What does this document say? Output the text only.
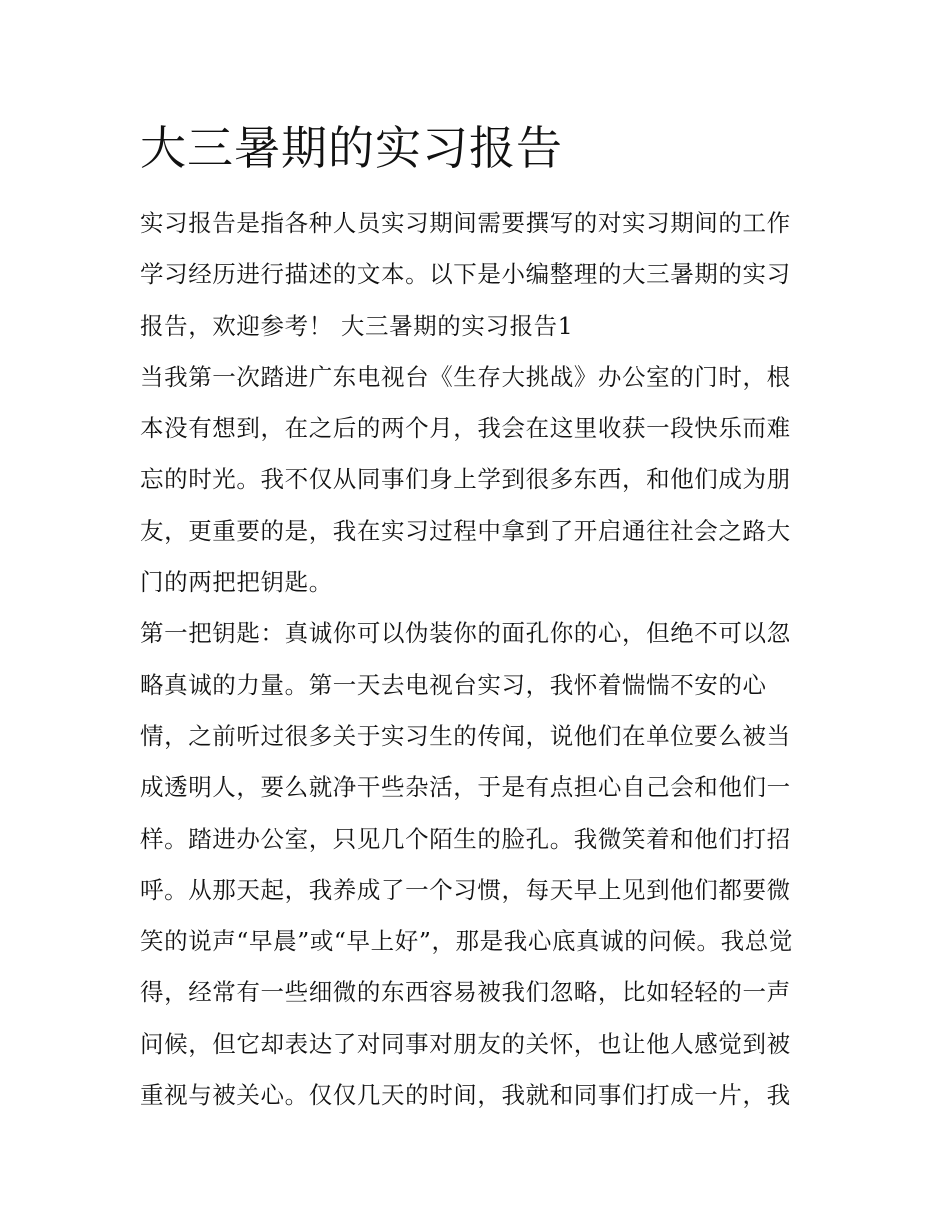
大三暑期的实习报告
实习报告是指各种人员实习期间需要撰写的对实习期间的工作
学习经历进行描述的文本。以下是小编整理的大三暑期的实习
报告，欢迎参考！ 大三暑期的实习报告1
当我第一次踏进广东电视台《生存大挑战》办公室的门时，根
本没有想到，在之后的两个月，我会在这里收获一段快乐而难
忘的时光。我不仅从同事们身上学到很多东西，和他们成为朋
友，更重要的是，我在实习过程中拿到了开启通往社会之路大
门的两把把钥匙。
第一把钥匙：真诚你可以伪装你的面孔你的心，但绝不可以忽
略真诚的力量。第一天去电视台实习，我怀着惴惴不安的心
情，之前听过很多关于实习生的传闻，说他们在单位要么被当
成透明人，要么就净干些杂活，于是有点担心自己会和他们一
样。踏进办公室，只见几个陌生的脸孔。我微笑着和他们打招
呼。从那天起，我养成了一个习惯，每天早上见到他们都要微
笑的说声“早晨”或“早上好”，那是我心底真诚的问候。我总觉
得，经常有一些细微的东西容易被我们忽略，比如轻轻的一声
问候，但它却表达了对同事对朋友的关怀，也让他人感觉到被
重视与被关心。仅仅几天的时间，我就和同事们打成一片，我
